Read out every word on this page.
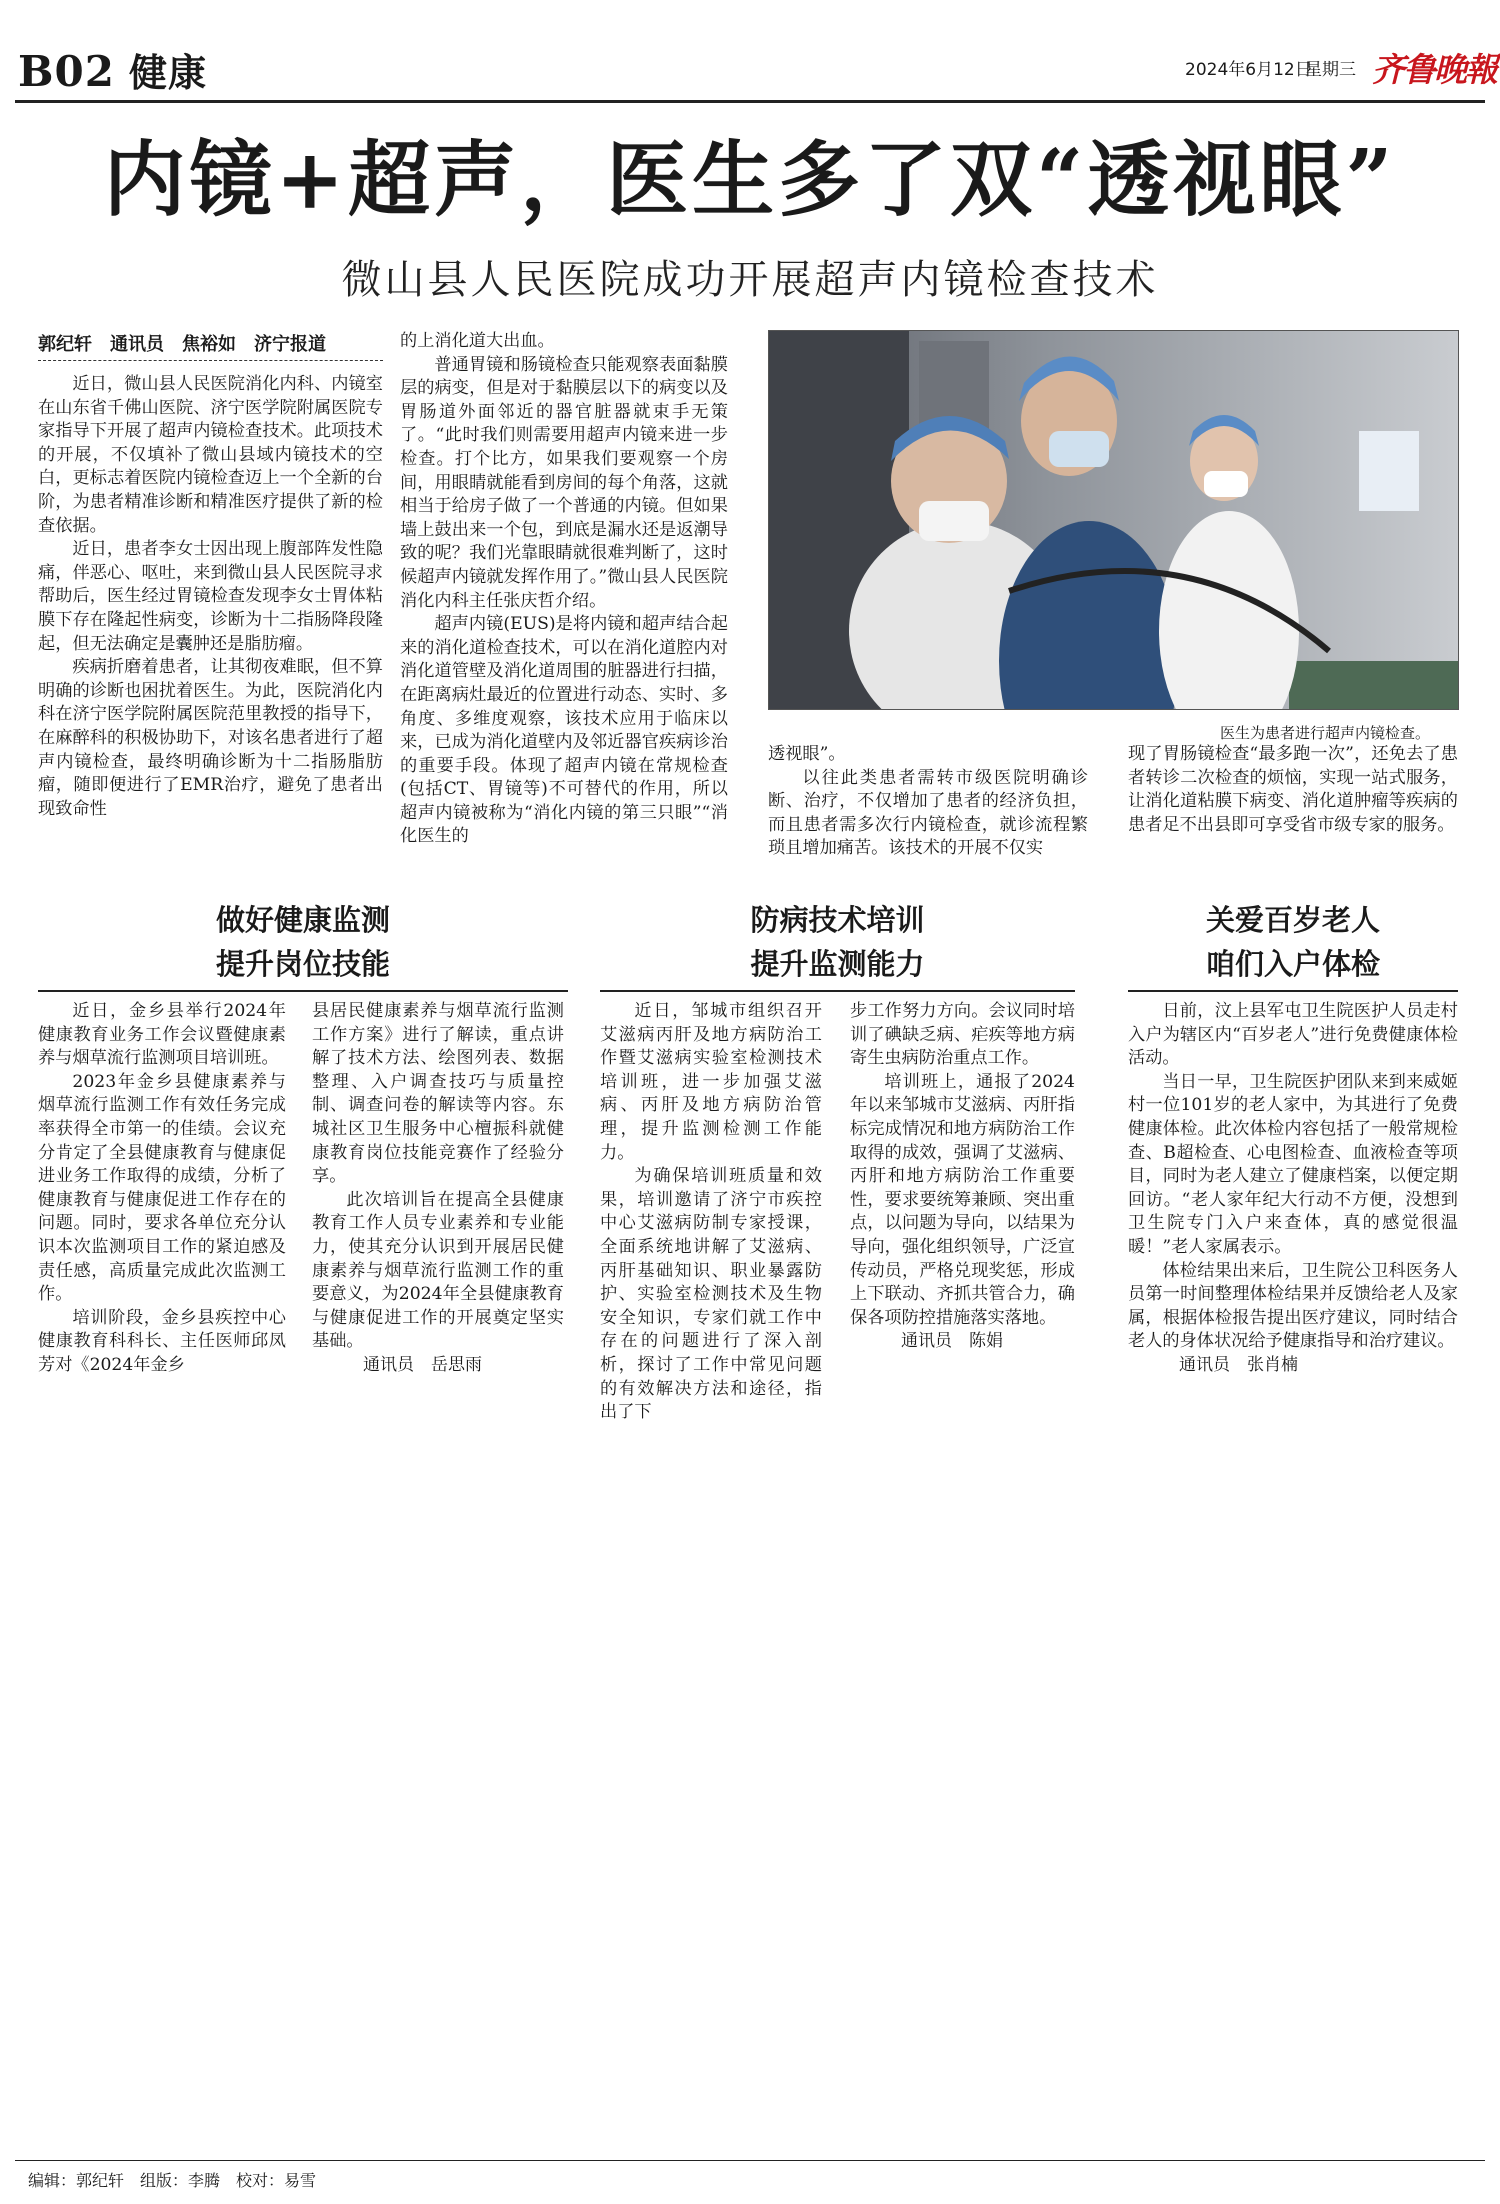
B02 健康	2024年6月12日
星期三 齐鲁晚報
内镜+超声，医生多了双“透视眼”
微山县人民医院成功开展超声内镜检查技术
郭纪轩　通讯员　焦裕如　济宁报道

近日，微山县人民医院消化内科、内镜室在山东省千佛山医院、济宁医学院附属医院专家指导下开展了超声内镜检查技术。此项技术的开展，不仅填补了微山县域内镜技术的空白，更标志着医院内镜检查迈上一个全新的台阶，为患者精准诊断和精准医疗提供了新的检查依据。

近日，患者李女士因出现上腹部阵发性隐痛，伴恶心、呕吐，来到微山县人民医院寻求帮助后，医生经过胃镜检查发现李女士胃体粘膜下存在隆起性病变，诊断为十二指肠降段隆起，但无法确定是囊肿还是脂肪瘤。

疾病折磨着患者，让其彻夜难眠，但不算明确的诊断也困扰着医生。为此，医院消化内科在济宁医学院附属医院范里教授的指导下，在麻醉科的积极协助下，对该名患者进行了超声内镜检查，最终明确诊断为十二指肠脂肪瘤，随即便进行了EMR治疗，避免了患者出现致命性

的上消化道大出血。

普通胃镜和肠镜检查只能观察表面黏膜层的病变，但是对于黏膜层以下的病变以及胃肠道外面邻近的器官脏器就束手无策了。“此时我们则需要用超声内镜来进一步检查。打个比方，如果我们要观察一个房间，用眼睛就能看到房间的每个角落，这就相当于给房子做了一个普通的内镜。但如果墙上鼓出来一个包，到底是漏水还是返潮导致的呢？我们光靠眼睛就很难判断了，这时候超声内镜就发挥作用了。”微山县人民医院消化内科主任张庆哲介绍。

超声内镜(EUS)是将内镜和超声结合起来的消化道检查技术，可以在消化道腔内对消化道管壁及消化道周围的脏器进行扫描，在距离病灶最近的位置进行动态、实时、多角度、多维度观察，该技术应用于临床以来，已成为消化道壁内及邻近器官疾病诊治的重要手段。体现了超声内镜在常规检查(包括CT、胃镜等)不可替代的作用，所以超声内镜被称为“消化内镜的第三只眼”“消化医生的

医生为患者进行超声内镜检查。

透视眼”。

以往此类患者需转市级医院明确诊断、治疗，不仅增加了患者的经济负担，而且患者需多次行内镜检查，就诊流程繁琐且增加痛苦。该技术的开展不仅实

现了胃肠镜检查“最多跑一次”，还免去了患者转诊二次检查的烦恼，实现一站式服务，让消化道粘膜下病变、消化道肿瘤等疾病的患者足不出县即可享受省市级专家的服务。

做好健康监测
提升岗位技能

近日，金乡县举行2024年健康教育业务工作会议暨健康素养与烟草流行监测项目培训班。

2023年金乡县健康素养与烟草流行监测工作有效任务完成率获得全市第一的佳绩。会议充分肯定了全县健康教育与健康促进业务工作取得的成绩，分析了健康教育与健康促进工作存在的问题。同时，要求各单位充分认识本次监测项目工作的紧迫感及责任感，高质量完成此次监测工作。

培训阶段，金乡县疾控中心健康教育科科长、主任医师邱凤芳对《2024年金乡

县居民健康素养与烟草流行监测工作方案》进行了解读，重点讲解了技术方法、绘图列表、数据整理、入户调查技巧与质量控制、调查问卷的解读等内容。东城社区卫生服务中心檀振科就健康教育岗位技能竞赛作了经验分享。

此次培训旨在提高全县健康教育工作人员专业素养和专业能力，使其充分认识到开展居民健康素养与烟草流行监测工作的重要意义，为2024年全县健康教育与健康促进工作的开展奠定坚实基础。

通讯员　岳思雨

防病技术培训
提升监测能力

近日，邹城市组织召开艾滋病丙肝及地方病防治工作暨艾滋病实验室检测技术培训班，进一步加强艾滋病、丙肝及地方病防治管理，提升监测检测工作能力。

为确保培训班质量和效果，培训邀请了济宁市疾控中心艾滋病防制专家授课，全面系统地讲解了艾滋病、丙肝基础知识、职业暴露防护、实验室检测技术及生物安全知识，专家们就工作中存在的问题进行了深入剖析，探讨了工作中常见问题的有效解决方法和途径，指出了下

步工作努力方向。会议同时培训了碘缺乏病、疟疾等地方病寄生虫病防治重点工作。

培训班上，通报了2024年以来邹城市艾滋病、丙肝指标完成情况和地方病防治工作取得的成效，强调了艾滋病、丙肝和地方病防治工作重要性，要求要统筹兼顾、突出重点，以问题为导向，以结果为导向，强化组织领导，广泛宣传动员，严格兑现奖惩，形成上下联动、齐抓共管合力，确保各项防控措施落实落地。

通讯员　陈娟

关爱百岁老人
咱们入户体检

日前，汶上县军屯卫生院医护人员走村入户为辖区内“百岁老人”进行免费健康体检活动。

当日一早，卫生院医护团队来到来威姬村一位101岁的老人家中，为其进行了免费健康体检。此次体检内容包括了一般常规检查、B超检查、心电图检查、血液检查等项目，同时为老人建立了健康档案，以便定期回访。“老人家年纪大行动不方便，没想到卫生院专门入户来查体，真的感觉很温暖！”老人家属表示。

体检结果出来后，卫生院公卫科医务人员第一时间整理体检结果并反馈给老人及家属，根据体检报告提出医疗建议，同时结合老人的身体状况给予健康指导和治疗建议。

通讯员　张肖楠

编辑：郭纪轩　组版：李腾　校对：易雪
